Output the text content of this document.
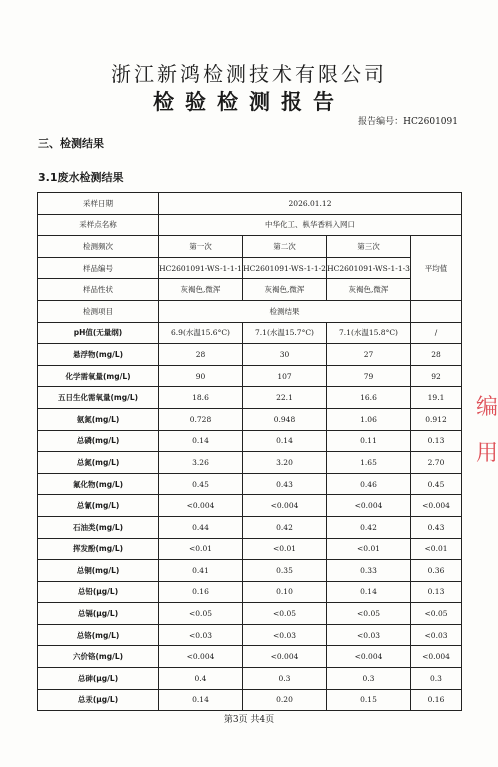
浙江新鸿检测技术有限公司
检验检测报告
报告编号：HC2601091
三、检测结果
3.1废水检测结果
采样日期	2026.01.12			
采样点名称	中华化工、枞华香料入网口			
检测频次	第一次	第二次	第三次	平均值
样品编号	HC2601091-WS-1-1-1	HC2601091-WS-1-1-2	HC2601091-WS-1-1-3	
样品性状	灰褐色,微浑	灰褐色,微浑	灰褐色,微浑	
检测项目	检测结果			
pH值(无量纲)	6.9(水温15.6°C)	7.1(水温15.7°C)	7.1(水温15.8°C)	/
悬浮物(mg/L)	28	30	27	28
化学需氧量(mg/L)	90	107	79	92
五日生化需氧量(mg/L)	18.6	22.1	16.6	19.1
氨氮(mg/L)	0.728	0.948	1.06	0.912
总磷(mg/L)	0.14	0.14	0.11	0.13
总氮(mg/L)	3.26	3.20	1.65	2.70
氟化物(mg/L)	0.45	0.43	0.46	0.45
总氰(mg/L)	<0.004	<0.004	<0.004	<0.004
石油类(mg/L)	0.44	0.42	0.42	0.43
挥发酚(mg/L)	<0.01	<0.01	<0.01	<0.01
总铜(mg/L)	0.41	0.35	0.33	0.36
总铅(μg/L)	0.16	0.10	0.14	0.13
总镉(μg/L)	<0.05	<0.05	<0.05	<0.05
总铬(mg/L)	<0.03	<0.03	<0.03	<0.03
六价铬(mg/L)	<0.004	<0.004	<0.004	<0.004
总砷(μg/L)	0.4	0.3	0.3	0.3
总汞(μg/L)	0.14	0.20	0.15	0.16
第3页 共4页
编
用
